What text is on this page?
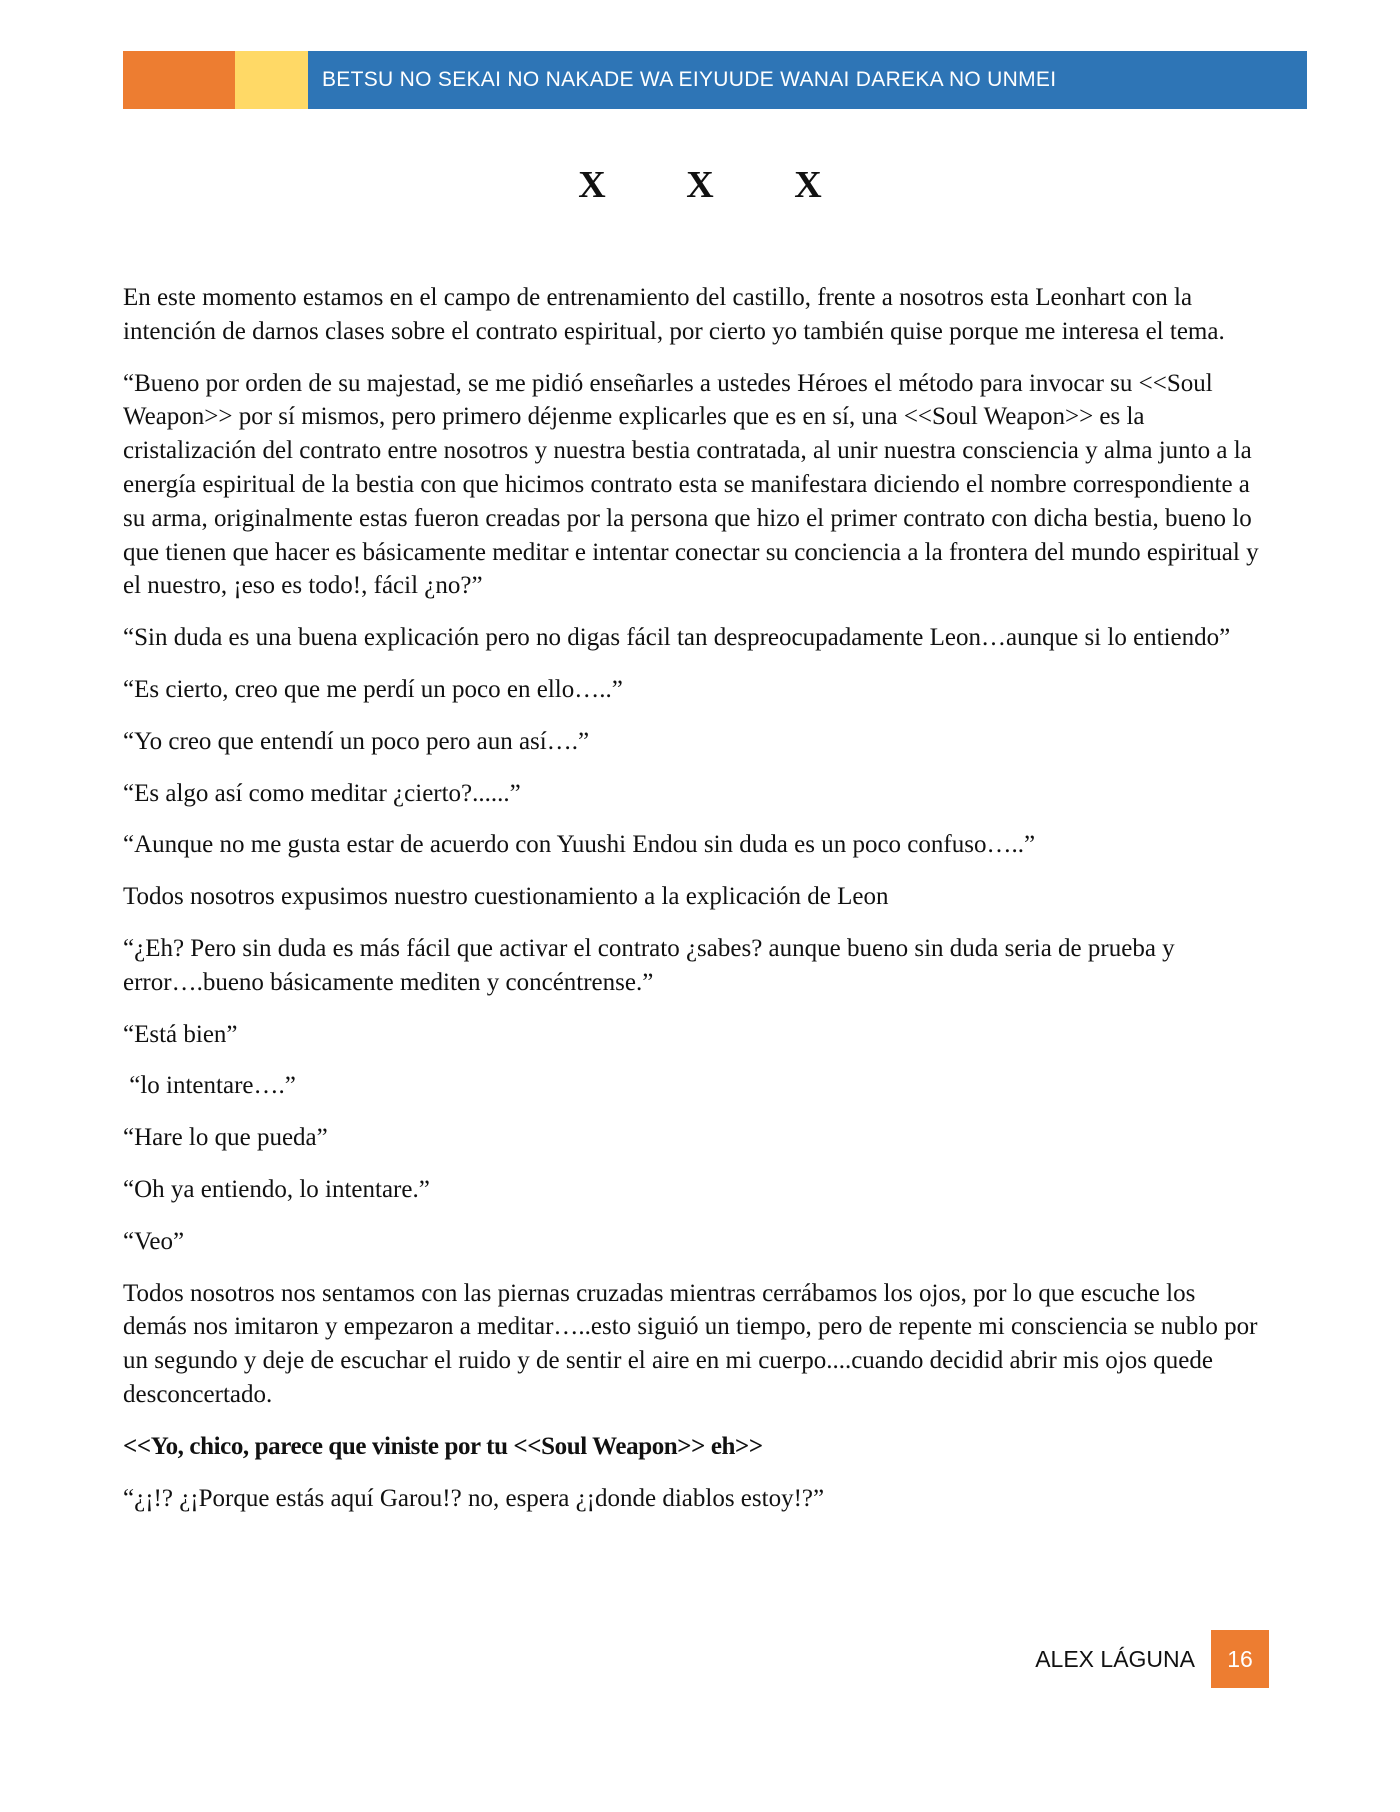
BETSU NO SEKAI NO NAKADE WA EIYUUDE WANAI DAREKA NO UNMEI
X X X

En este momento estamos en el campo de entrenamiento del castillo, frente a nosotros esta Leonhart con la intención de darnos clases sobre el contrato espiritual, por cierto yo también quise porque me interesa el tema.

“Bueno por orden de su majestad, se me pidió enseñarles a ustedes Héroes el método para invocar su <<Soul Weapon>> por sí mismos, pero primero déjenme explicarles que es en sí, una <<Soul Weapon>> es la cristalización del contrato entre nosotros y nuestra bestia contratada, al unir nuestra consciencia y alma junto a la energía espiritual de la bestia con que hicimos contrato esta se manifestara diciendo el nombre correspondiente a su arma, originalmente estas fueron creadas por la persona que hizo el primer contrato con dicha bestia, bueno lo que tienen que hacer es básicamente meditar e intentar conectar su conciencia a la frontera del mundo espiritual y el nuestro, ¡eso es todo!, fácil ¿no?”

“Sin duda es una buena explicación pero no digas fácil tan despreocupadamente Leon…aunque si lo entiendo”

“Es cierto, creo que me perdí un poco en ello…..”

“Yo creo que entendí un poco pero aun así….”

“Es algo así como meditar ¿cierto?......”

“Aunque no me gusta estar de acuerdo con Yuushi Endou sin duda es un poco confuso…..”

Todos nosotros expusimos nuestro cuestionamiento a la explicación de Leon

“¿Eh? Pero sin duda es más fácil que activar el contrato ¿sabes? aunque bueno sin duda seria de prueba y error….bueno básicamente mediten y concéntrense.”

“Está bien”

“lo intentare….”

“Hare lo que pueda”

“Oh ya entiendo, lo intentare.”

“Veo”

Todos nosotros nos sentamos con las piernas cruzadas mientras cerrábamos los ojos, por lo que escuche los demás nos imitaron y empezaron a meditar…..esto siguió un tiempo, pero de repente mi consciencia se nublo por un segundo y deje de escuchar el ruido y de sentir el aire en mi cuerpo....cuando decidid abrir mis ojos quede desconcertado.

<<Yo, chico, parece que viniste por tu <<Soul Weapon>> eh>>

“¿¡!? ¿¡Porque estás aquí Garou!? no, espera ¿¡donde diablos estoy!?”

ALEX LÁGUNA	16
